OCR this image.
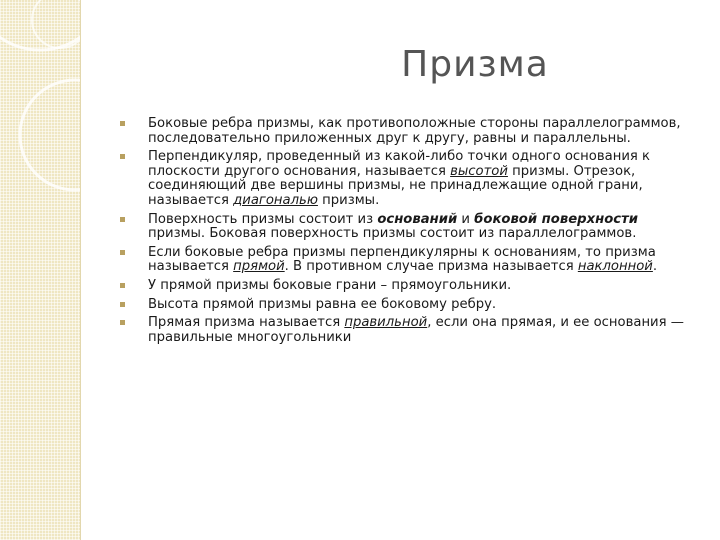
Призма
Боковые ребра призмы, как противоположные стороны параллелограммов, последовательно приложенных друг к другу, равны и параллельны.
Перпендикуляр, проведенный из какой-либо точки одного основания к плоскости другого основания, называется высотой призмы. Отрезок, соединяющий две вершины призмы, не принадлежащие одной грани, называется диагональю призмы.
Поверхность призмы состоит из оснований и боковой поверхности призмы. Боковая поверхность призмы состоит из параллелограммов.
Если боковые ребра призмы перпендикулярны к основаниям, то призма называется прямой. В противном случае призма называется наклонной.
У прямой призмы боковые грани – прямоугольники.
Высота прямой призмы равна ее боковому ребру.
Прямая призма называется правильной, если она прямая, и ее основания — правильные многоугольники
